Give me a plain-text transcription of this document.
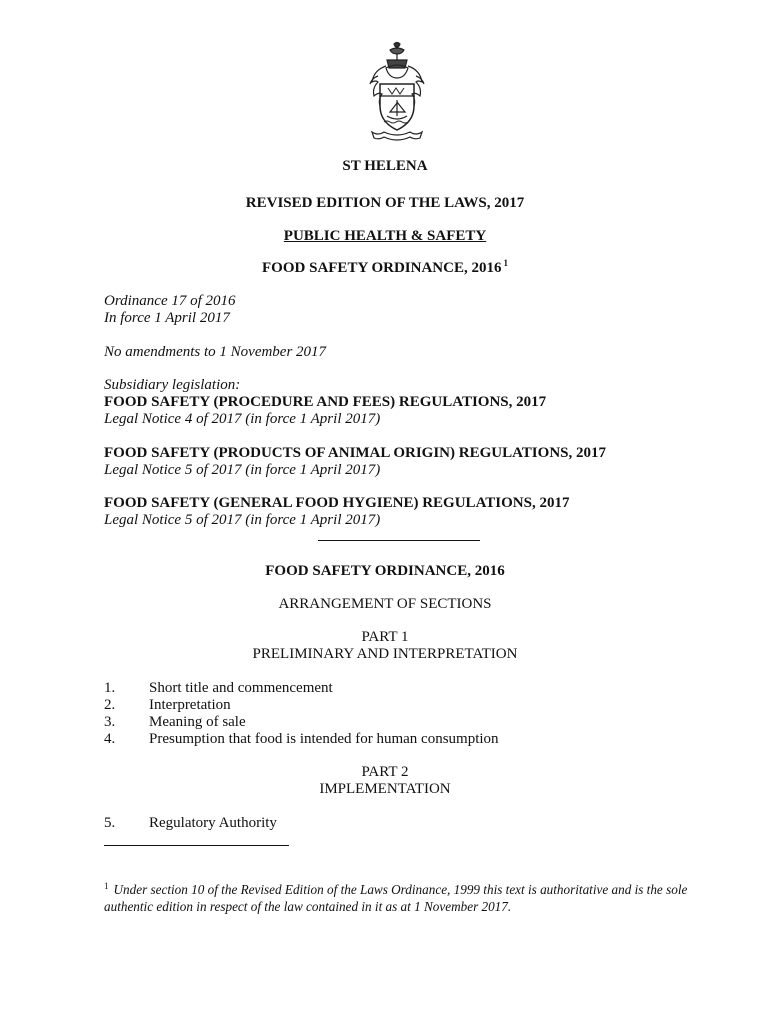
ST HELENA
REVISED EDITION OF THE LAWS, 2017
PUBLIC HEALTH & SAFETY
FOOD SAFETY ORDINANCE, 2016 $^1$
Ordinance 17 of 2016
In force 1 April 2017
No amendments to 1 November 2017
Subsidiary legislation:
FOOD SAFETY (PROCEDURE AND FEES) REGULATIONS, 2017
Legal Notice 4 of 2017 (in force 1 April 2017)
FOOD SAFETY (PRODUCTS OF ANIMAL ORIGIN) REGULATIONS, 2017
Legal Notice 5 of 2017 (in force 1 April 2017)
FOOD SAFETY (GENERAL FOOD HYGIENE) REGULATIONS, 2017
Legal Notice 5 of 2017 (in force 1 April 2017)
FOOD SAFETY ORDINANCE, 2016
ARRANGEMENT OF SECTIONS
PART 1
PRELIMINARY AND INTERPRETATION
1. Short title and commencement
2. Interpretation
3. Meaning of sale
4. Presumption that food is intended for human consumption
PART 2
IMPLEMENTATION
5. Regulatory Authority
$^1$ Under section 10 of the Revised Edition of the Laws Ordinance, 1999 this text is authoritative and is the sole authentic edition in respect of the law contained in it as at 1 November 2017.
